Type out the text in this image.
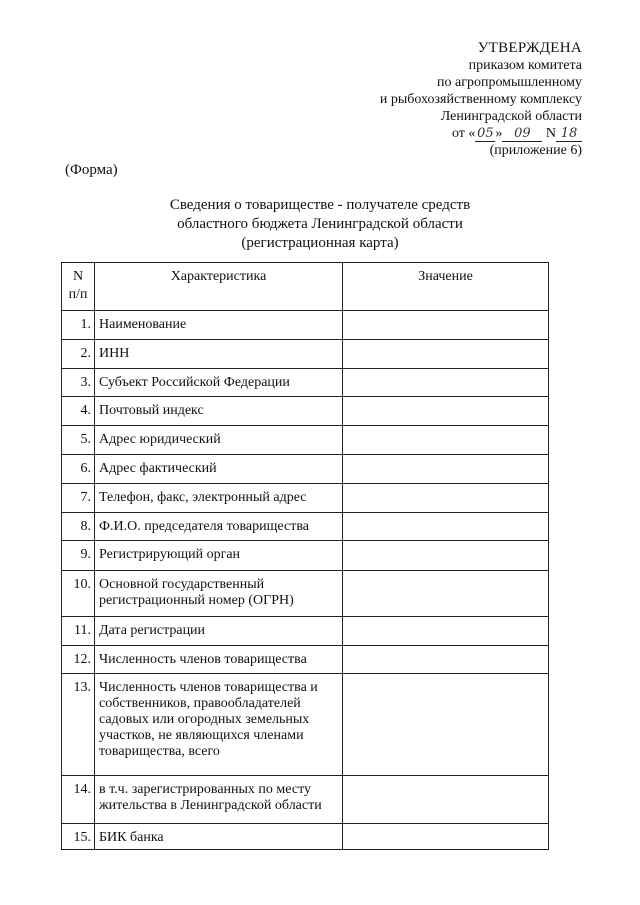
УТВЕРЖДЕНА
приказом комитета
по агропромышленному
и рыбохозяйственному комплексу
Ленинградской области
от « 05 » 09 N 18
(приложение 6)
(Форма)
Сведения о товариществе - получателе средств
областного бюджета Ленинградской области
(регистрационная карта)
N
п/п	Характеристика	Значение
1.	Наименование	
2.	ИНН	
3.	Субъект Российской Федерации	
4.	Почтовый индекс	
5.	Адрес юридический	
6.	Адрес фактический	
7.	Телефон, факс, электронный адрес	
8.	Ф.И.О. председателя товарищества	
9.	Регистрирующий орган	
10.	Основной государственный
регистрационный номер (ОГРН)	

11.	Дата регистрации	
12.	Численность членов товарищества	
13.	Численность членов товарищества и
собственников, правообладателей
садовых или огородных земельных
участков, не являющихся членами
товарищества, всего	

14.	в т.ч. зарегистрированных по месту
жительства в Ленинградской области	

15.	БИК банка	
